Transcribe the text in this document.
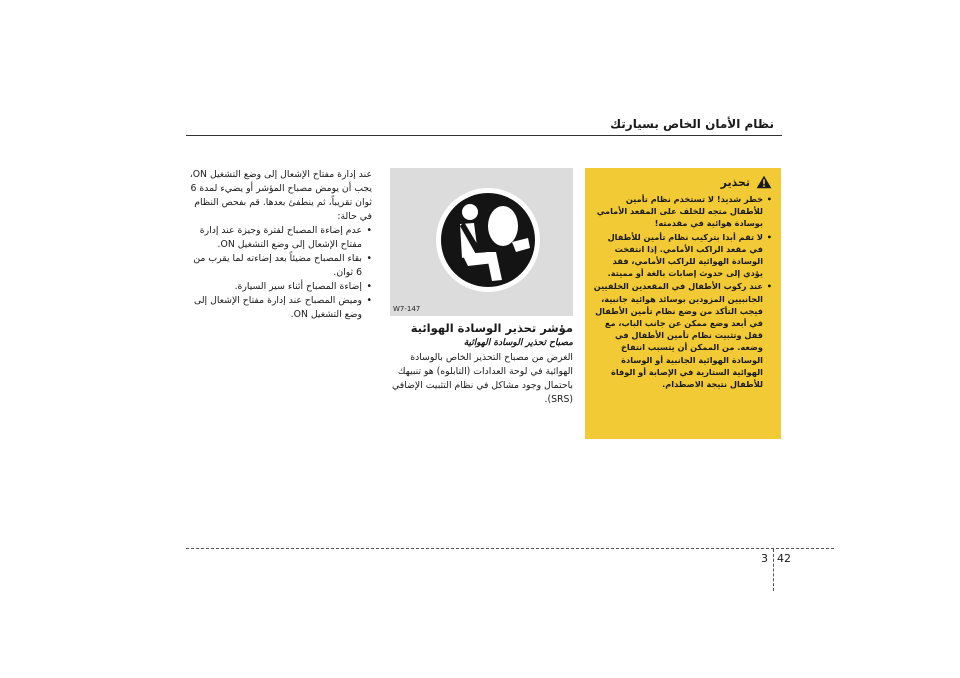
نظام الأمان الخاص بسيارتك
تحذير
• خطر شديد! لا تستخدم نظام تأمين للأطفال متجه للخلف على المقعد الأمامي بوسادة هوائية في مقدمته!
• لا تقم أبدا بتركيب نظام تأمين للأطفال في مقعد الراكب الأمامي. إذا انتفخت الوسادة الهوائية للراكب الأمامي، فقد يؤدي إلى حدوث إصابات بالغة أو مميتة.
• عند ركوب الأطفال في المقعدين الخلفيين الجانبيين المزودين بوسائد هوائية جانبية، فيجب التأكد من وضع نظام تأمين الأطفال في أبعد وضع ممكن عن جانب الباب، مع قفل وتثبيت نظام تأمين الأطفال في وضعه. من الممكن أن يتسبب انتفاخ الوسادة الهوائية الجانبية أو الوسادة الهوائية الستارية في الإصابة أو الوفاة للأطفال نتيجة الاصطدام.
W7-147

مؤشر تحذير الوسادة الهوائية

مصباح تحذير الوسادة الهوائية

الغرض من مصباح التحذير الخاص بالوسادة الهوائية في لوحة العدادات (التابلوه) هو تنبيهك باحتمال وجود مشاكل في نظام التثبيت الإضافي (SRS).

عند إدارة مفتاح الإشعال إلى وضع التشغيل ON، يجب أن يومض مصباح المؤشر أو يضيء لمدة 6 ثوان تقريباً، ثم ينطفئ بعدها. قم بفحص النظام في حالة:

• عدم إضاءة المصباح لفترة وجيزة عند إدارة مفتاح الإشعال إلى وضع التشغيل ON.
• بقاء المصباح مضيئاً بعد إضاءته لما يقرب من 6 ثوان.
• إضاءة المصباح أثناء سير السيارة.
• وميض المصباح عند إدارة مفتاح الإشعال إلى وضع التشغيل ON.
3 42
